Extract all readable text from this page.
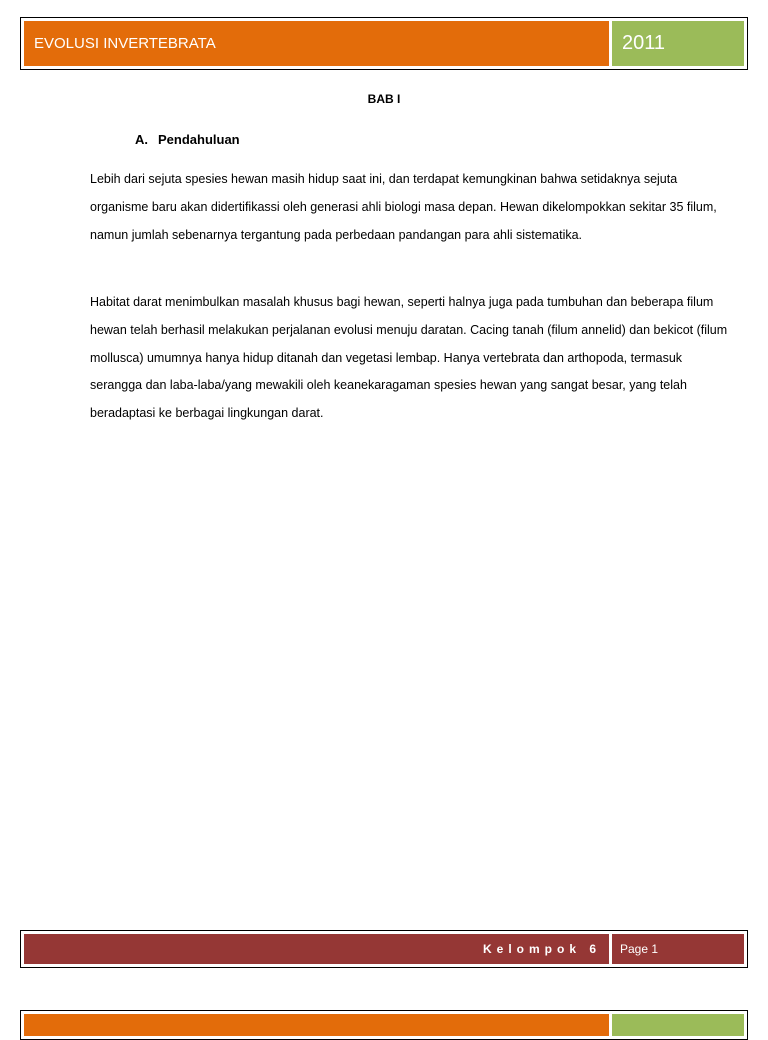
EVOLUSI INVERTEBRATA	2011
BAB I
A. Pendahuluan

Lebih dari sejuta spesies hewan masih hidup saat ini, dan terdapat kemungkinan bahwa setidaknya sejuta organisme baru akan didertifikassi oleh generasi ahli biologi masa depan. Hewan dikelompokkan sekitar 35 filum, namun jumlah sebenarnya tergantung pada perbedaan pandangan para ahli sistematika.

Habitat darat menimbulkan masalah khusus bagi hewan, seperti halnya juga pada tumbuhan dan beberapa filum hewan telah berhasil melakukan perjalanan evolusi menuju daratan. Cacing tanah (filum annelid) dan bekicot (filum mollusca) umumnya hanya hidup ditanah dan vegetasi lembap. Hanya vertebrata dan arthopoda, termasuk serangga dan laba-laba/yang mewakili oleh keanekaragaman spesies hewan yang sangat besar, yang telah beradaptasi ke berbagai lingkungan darat.

Kelompok 6	Page 1
